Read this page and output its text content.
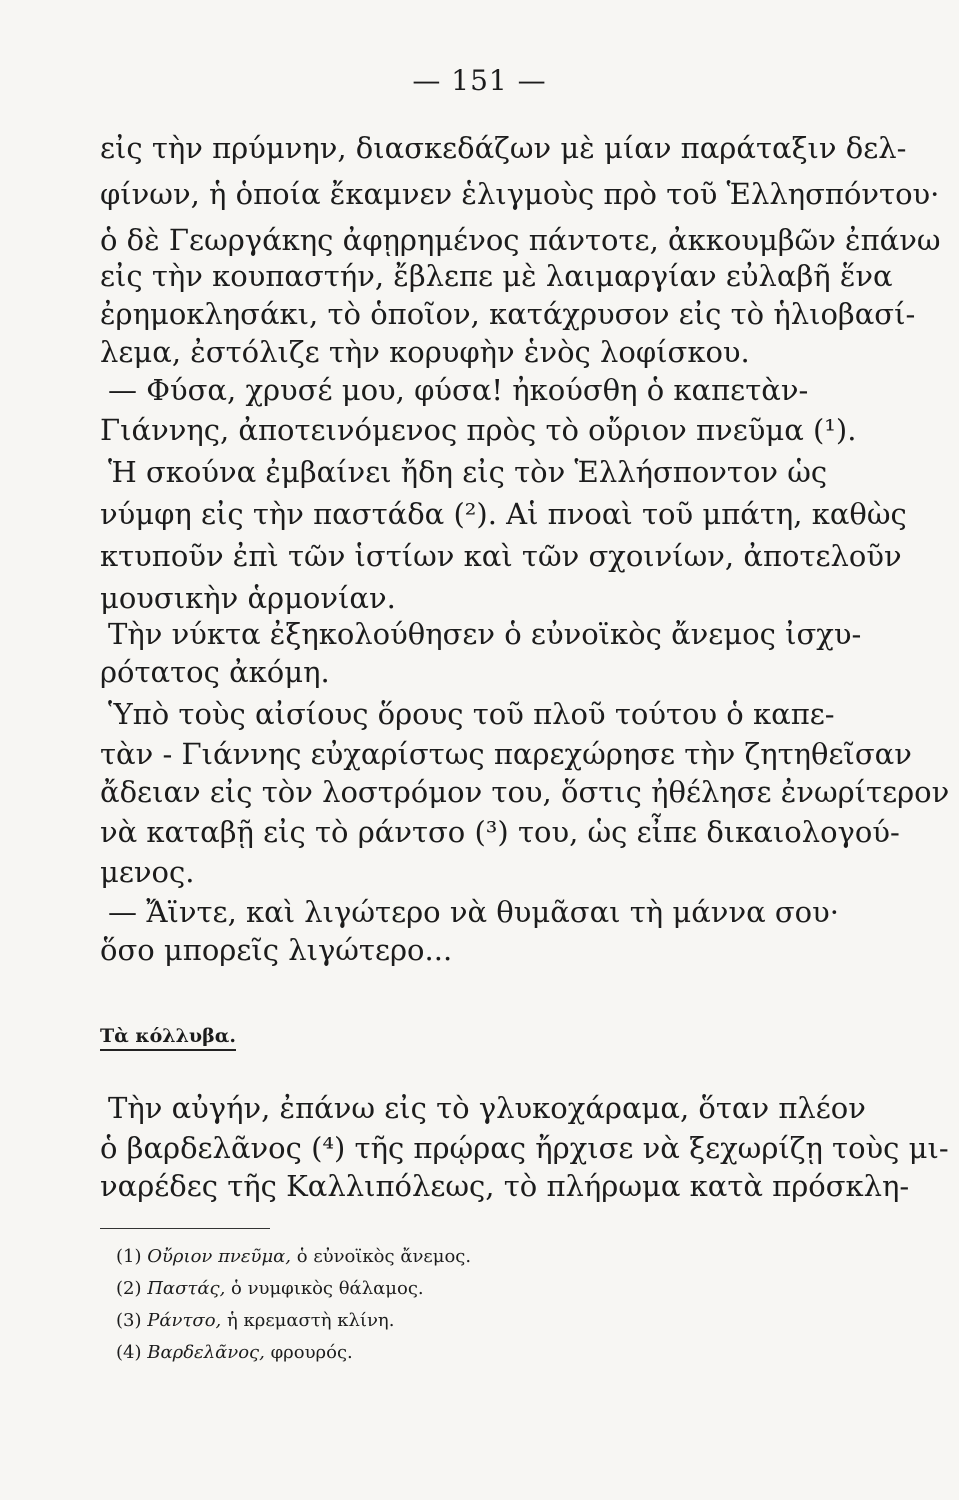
— 151 —
εἰς τὴν πρύμνην, διασκεδάζων μὲ μίαν παράταξιν δελ-
φίνων, ἡ ὁποία ἔκαμνεν ἑλιγμοὺς πρὸ τοῦ Ἑλλησπόντου·
ὁ δὲ Γεωργάκης ἀφῃρημένος πάντοτε, ἀκκουμβῶν ἐπάνω
εἰς τὴν κουπαστήν, ἔβλεπε μὲ λαιμαργίαν εὐλαβῆ ἕνα
ἐρημοκλησάκι, τὸ ὁποῖον, κατάχρυσον εἰς τὸ ἡλιοβασί-
λεμα, ἐστόλιζε τὴν κορυφὴν ἑνὸς λοφίσκου.
— Φύσα, χρυσέ μου, φύσα! ἠκούσθη ὁ καπετὰν-
Γιάννης, ἀποτεινόμενος πρὸς τὸ οὔριον πνεῦμα (¹).
Ἡ σκούνα ἐμβαίνει ἤδη εἰς τὸν Ἑλλήσποντον ὡς
νύμφη εἰς τὴν παστάδα (²). Αἱ πνοαὶ τοῦ μπάτη, καθὼς
κτυποῦν ἐπὶ τῶν ἱστίων καὶ τῶν σχοινίων, ἀποτελοῦν
μουσικὴν ἁρμονίαν.
Τὴν νύκτα ἐξηκολούθησεν ὁ εὐνοϊκὸς ἄνεμος ἰσχυ-
ρότατος ἀκόμη.
Ὑπὸ τοὺς αἰσίους ὅρους τοῦ πλοῦ τούτου ὁ καπε-
τὰν - Γιάννης εὐχαρίστως παρεχώρησε τὴν ζητηθεῖσαν
ἄδειαν εἰς τὸν λοστρόμον του, ὅστις ἠθέλησε ἐνωρίτερον
νὰ καταβῇ εἰς τὸ ράντσο (³) του, ὡς εἶπε δικαιολογού-
μενος.
— Ἄϊντε, καὶ λιγώτερο νὰ θυμᾶσαι τὴ μάννα σου·
ὅσο μπορεῖς λιγώτερο...
Τὰ κόλλυβα.
Τὴν αὐγήν, ἐπάνω εἰς τὸ γλυκοχάραμα, ὅταν πλέον
ὁ βαρδελᾶνος (⁴) τῆς πρῴρας ἤρχισε νὰ ξεχωρίζῃ τοὺς μι-
ναρέδες τῆς Καλλιπόλεως, τὸ πλήρωμα κατὰ πρόσκλη-
(1) Οὔριον πνεῦμα, ὁ εὐνοϊκὸς ἄνεμος.
(2) Παστάς, ὁ νυμφικὸς θάλαμος.
(3) Ράντσο, ἡ κρεμαστὴ κλίνη.
(4) Βαρδελᾶνος, φρουρός.
